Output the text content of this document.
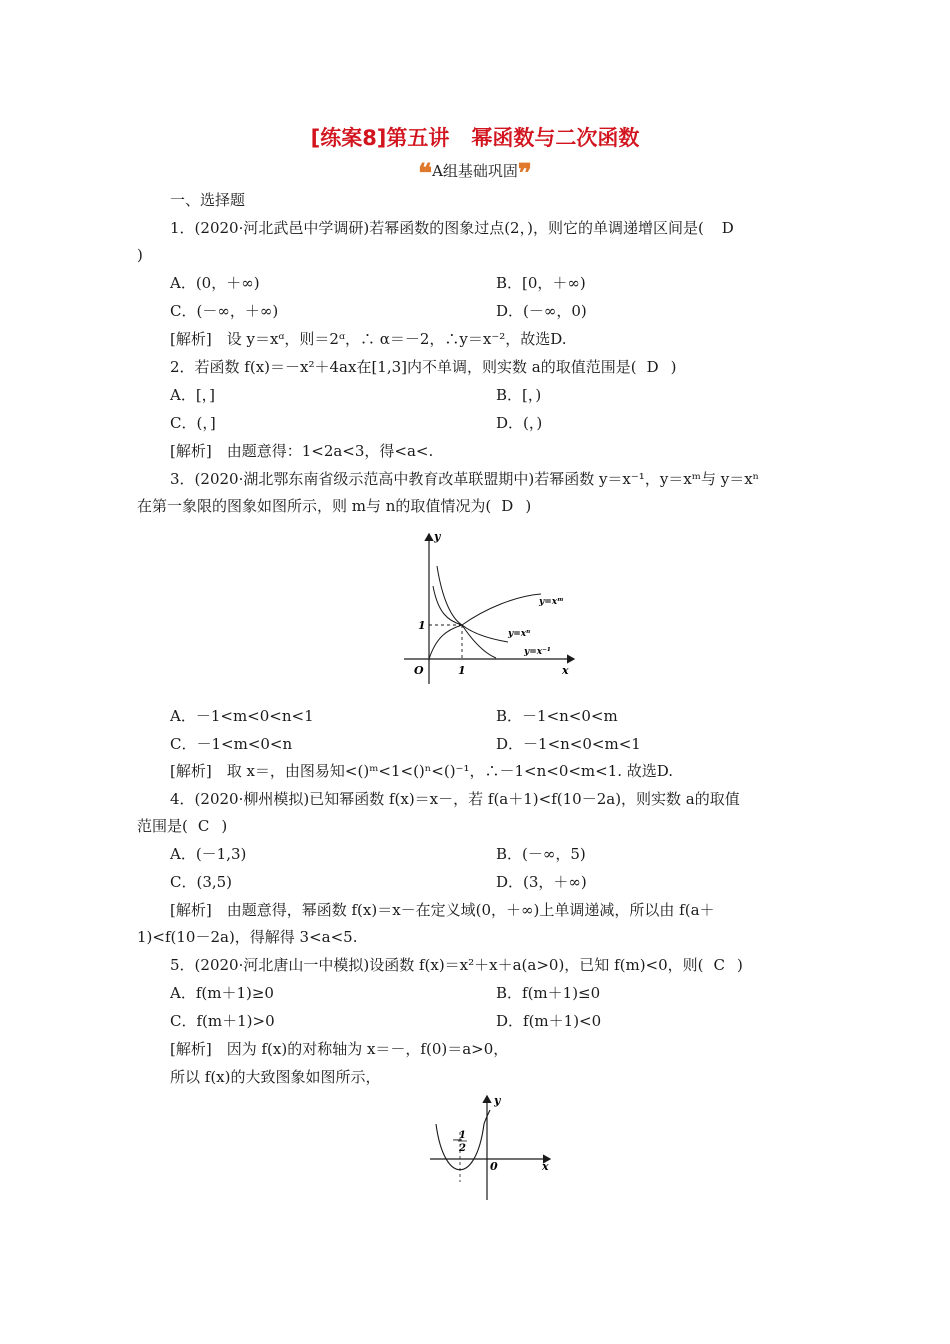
[练案8]第五讲 幂函数与二次函数
❝A组基础巩固❞
一、选择题
1．(2020·河北武邑中学调研)若幂函数的图象过点(2，)，则它的单调递增区间是( D
)
A．(0，＋∞)	B．[0，＋∞)
C．(－∞，＋∞)	D．(－∞，0)
[解析]　设 y＝xᵅ，则＝2ᵅ，∴ α＝－2，∴y＝x⁻²，故选D.
2．若函数 f(x)＝－x²＋4ax在[1,3]内不单调，则实数 a的取值范围是( D )
A．[，]	B．[，)
C．(，]	D．(，)
[解析]　由题意得：1<2a<3，得<a<.
3．(2020·湖北鄂东南省级示范高中教育改革联盟期中)若幂函数 y＝x⁻¹，y＝xᵐ与 y＝xⁿ
在第一象限的图象如图所示，则 m与 n的取值情况为( D )
y
x
O	1
1
y=xᵐ
y=xⁿ
y=x⁻¹
A．－1<m<0<n<1	B．－1<n<0<m
C．－1<m<0<n	D．－1<n<0<m<1
[解析]　取 x＝，由图易知<()ᵐ<1<()ⁿ<()⁻¹，∴－1<n<0<m<1. 故选D.
4．(2020·柳州模拟)已知幂函数 f(x)＝x－，若 f(a＋1)<f(10－2a)，则实数 a的取值
范围是( C )
A．(－1,3)	B．(－∞，5)
C．(3,5)	D．(3，＋∞)
[解析]　由题意得，幂函数 f(x)＝x－在定义域(0，＋∞)上单调递减，所以由 f(a＋
1)<f(10－2a)，得解得 3<a<5.
5．(2020·河北唐山一中模拟)设函数 f(x)＝x²＋x＋a(a>0)，已知 f(m)<0，则( C )
A．f(m＋1)≥0	B．f(m＋1)≤0
C．f(m＋1)>0	D．f(m＋1)<0
[解析]　因为 f(x)的对称轴为 x＝－，f(0)＝a>0，
所以 f(x)的大致图象如图所示，
y
x
0
－
1
2
